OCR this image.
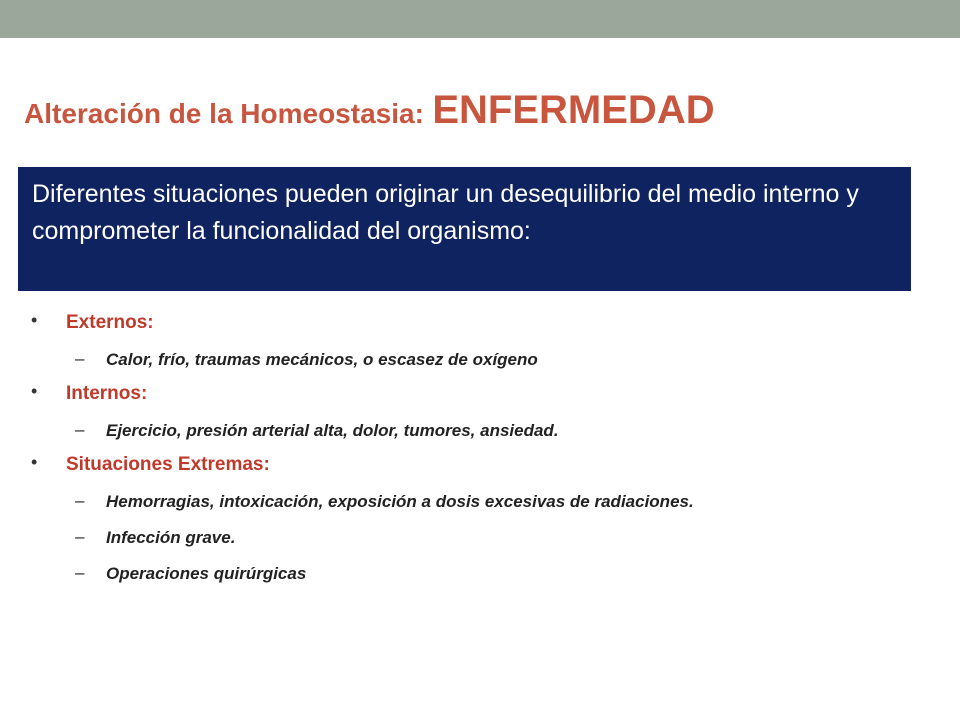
Alteración de la Homeostasia: ENFERMEDAD
Diferentes situaciones pueden originar un desequilibrio del medio interno y comprometer la funcionalidad del organismo:
• Externos:
– Calor, frío, traumas mecánicos, o escasez de oxígeno
• Internos:
– Ejercicio, presión arterial alta, dolor, tumores, ansiedad.
• Situaciones Extremas:
– Hemorragias, intoxicación, exposición a dosis excesivas de radiaciones.
– Infección grave.
– Operaciones quirúrgicas
